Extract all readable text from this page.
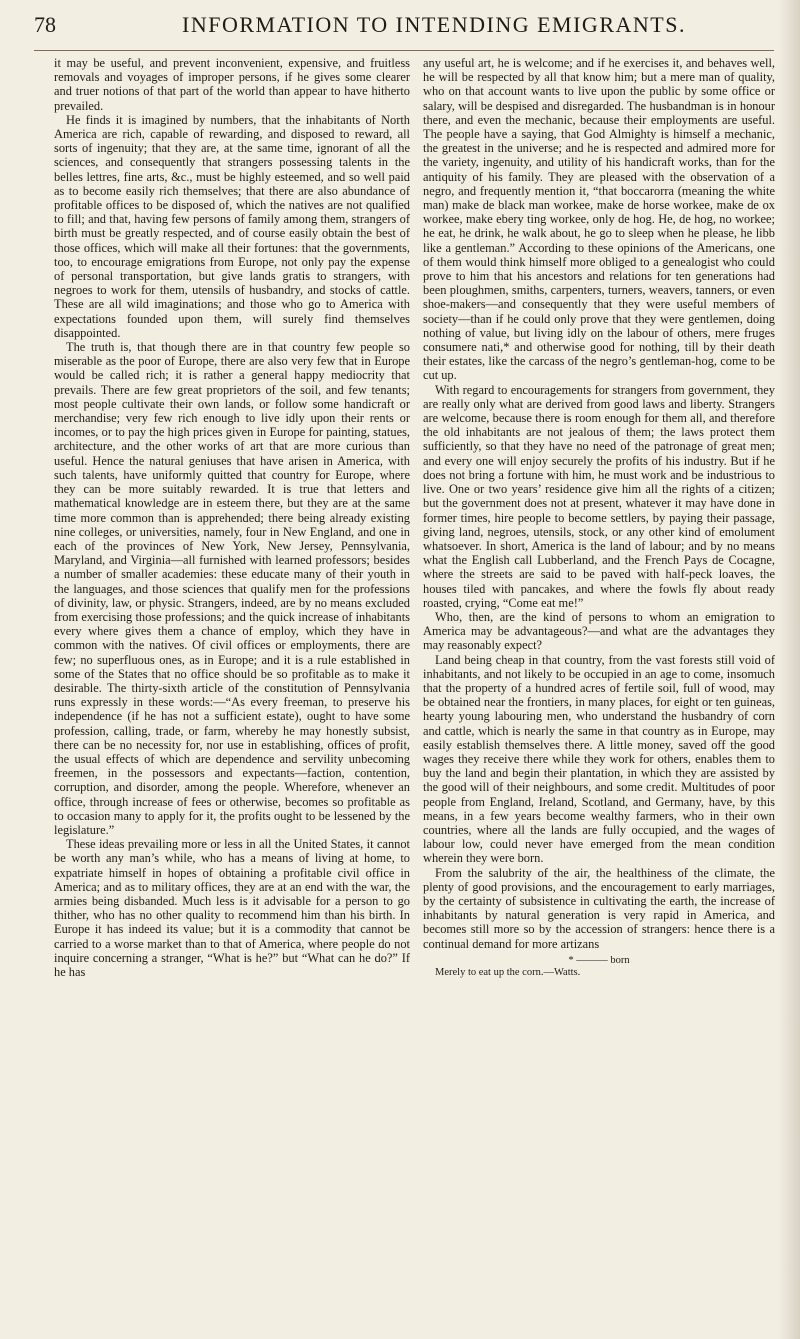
78	INFORMATION TO INTENDING EMIGRANTS.

it may be useful, and prevent inconvenient, expensive, and fruitless removals and voyages of improper persons, if he gives some clearer and truer notions of that part of the world than appear to have hitherto prevailed.

He finds it is imagined by numbers, that the inhabitants of North America are rich, capable of rewarding, and disposed to reward, all sorts of ingenuity; that they are, at the same time, ignorant of all the sciences, and consequently that strangers possessing talents in the belles lettres, fine arts, &c., must be highly esteemed, and so well paid as to become easily rich themselves; that there are also abundance of profitable offices to be disposed of, which the natives are not qualified to fill; and that, having few persons of family among them, strangers of birth must be greatly respected, and of course easily obtain the best of those offices, which will make all their fortunes: that the governments, too, to encourage emigrations from Europe, not only pay the expense of personal transportation, but give lands gratis to strangers, with negroes to work for them, utensils of husbandry, and stocks of cattle. These are all wild imaginations; and those who go to America with expectations founded upon them, will surely find themselves disappointed.

The truth is, that though there are in that country few people so miserable as the poor of Europe, there are also very few that in Europe would be called rich; it is rather a general happy mediocrity that prevails. There are few great proprietors of the soil, and few tenants; most people cultivate their own lands, or follow some handicraft or merchandise; very few rich enough to live idly upon their rents or incomes, or to pay the high prices given in Europe for painting, statues, architecture, and the other works of art that are more curious than useful. Hence the natural geniuses that have arisen in America, with such talents, have uniformly quitted that country for Europe, where they can be more suitably rewarded. It is true that letters and mathematical knowledge are in esteem there, but they are at the same time more common than is apprehended; there being already existing nine colleges, or universities, namely, four in New England, and one in each of the provinces of New York, New Jersey, Pennsylvania, Maryland, and Virginia—all furnished with learned professors; besides a number of smaller academies: these educate many of their youth in the languages, and those sciences that qualify men for the professions of divinity, law, or physic. Strangers, indeed, are by no means excluded from exercising those professions; and the quick increase of inhabitants every where gives them a chance of employ, which they have in common with the natives. Of civil offices or employments, there are few; no superfluous ones, as in Europe; and it is a rule established in some of the States that no office should be so profitable as to make it desirable. The thirty-sixth article of the constitution of Pennsylvania runs expressly in these words:—“As every freeman, to preserve his independence (if he has not a sufficient estate), ought to have some profession, calling, trade, or farm, whereby he may honestly subsist, there can be no necessity for, nor use in establishing, offices of profit, the usual effects of which are dependence and servility unbecoming freemen, in the possessors and expectants—faction, contention, corruption, and disorder, among the people. Wherefore, whenever an office, through increase of fees or otherwise, becomes so profitable as to occasion many to apply for it, the profits ought to be lessened by the legislature.”

These ideas prevailing more or less in all the United States, it cannot be worth any man’s while, who has a means of living at home, to expatriate himself in hopes of obtaining a profitable civil office in America; and as to military offices, they are at an end with the war, the armies being disbanded. Much less is it advisable for a person to go thither, who has no other quality to recommend him than his birth. In Europe it has indeed its value; but it is a commodity that cannot be carried to a worse market than to that of America, where people do not inquire concerning a stranger, “What is he?” but “What can he do?” If he has

any useful art, he is welcome; and if he exercises it, and behaves well, he will be respected by all that know him; but a mere man of quality, who on that account wants to live upon the public by some office or salary, will be despised and disregarded. The husbandman is in honour there, and even the mechanic, because their employments are useful. The people have a saying, that God Almighty is himself a mechanic, the greatest in the universe; and he is respected and admired more for the variety, ingenuity, and utility of his handicraft works, than for the antiquity of his family. They are pleased with the observation of a negro, and frequently mention it, “that boccarorra (meaning the white man) make de black man workee, make de horse workee, make de ox workee, make ebery ting workee, only de hog. He, de hog, no workee; he eat, he drink, he walk about, he go to sleep when he please, he libb like a gentleman.” According to these opinions of the Americans, one of them would think himself more obliged to a genealogist who could prove to him that his ancestors and relations for ten generations had been ploughmen, smiths, carpenters, turners, weavers, tanners, or even shoe-makers—and consequently that they were useful members of society—than if he could only prove that they were gentlemen, doing nothing of value, but living idly on the labour of others, mere fruges consumere nati,* and otherwise good for nothing, till by their death their estates, like the carcass of the negro’s gentleman-hog, come to be cut up.

With regard to encouragements for strangers from government, they are really only what are derived from good laws and liberty. Strangers are welcome, because there is room enough for them all, and therefore the old inhabitants are not jealous of them; the laws protect them sufficiently, so that they have no need of the patronage of great men; and every one will enjoy securely the profits of his industry. But if he does not bring a fortune with him, he must work and be industrious to live. One or two years’ residence give him all the rights of a citizen; but the government does not at present, whatever it may have done in former times, hire people to become settlers, by paying their passage, giving land, negroes, utensils, stock, or any other kind of emolument whatsoever. In short, America is the land of labour; and by no means what the English call Lubberland, and the French Pays de Cocagne, where the streets are said to be paved with half-peck loaves, the houses tiled with pancakes, and where the fowls fly about ready roasted, crying, “Come eat me!”

Who, then, are the kind of persons to whom an emigration to America may be advantageous?—and what are the advantages they may reasonably expect?

Land being cheap in that country, from the vast forests still void of inhabitants, and not likely to be occupied in an age to come, insomuch that the property of a hundred acres of fertile soil, full of wood, may be obtained near the frontiers, in many places, for eight or ten guineas, hearty young labouring men, who understand the husbandry of corn and cattle, which is nearly the same in that country as in Europe, may easily establish themselves there. A little money, saved off the good wages they receive there while they work for others, enables them to buy the land and begin their plantation, in which they are assisted by the good will of their neighbours, and some credit. Multitudes of poor people from England, Ireland, Scotland, and Germany, have, by this means, in a few years become wealthy farmers, who in their own countries, where all the lands are fully occupied, and the wages of labour low, could never have emerged from the mean condition wherein they were born.

From the salubrity of the air, the healthiness of the climate, the plenty of good provisions, and the encouragement to early marriages, by the certainty of subsistence in cultivating the earth, the increase of inhabitants by natural generation is very rapid in America, and becomes still more so by the accession of strangers: hence there is a continual demand for more artizans

* ——— born
Merely to eat up the corn.—Watts.
